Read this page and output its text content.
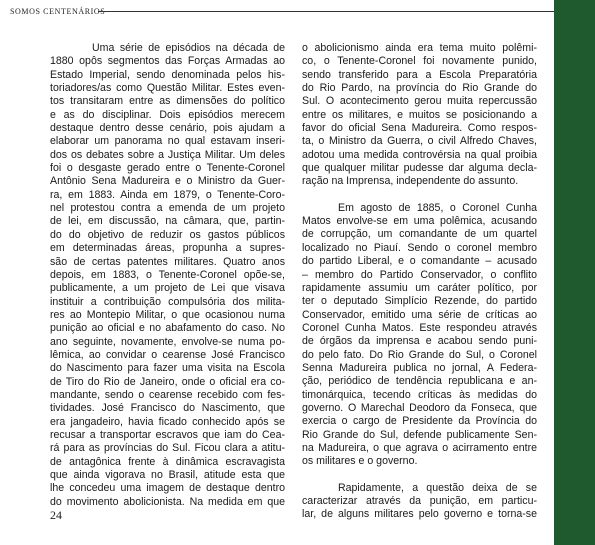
SOMOS CENTENÁRIOS
Uma série de episódios na década de
1880 opôs segmentos das Forças Armadas ao
Estado Imperial, sendo denominada pelos his-
toriadores/as como Questão Militar. Estes even-
tos transitaram entre as dimensões do político
e as do disciplinar. Dois episódios merecem
destaque dentro desse cenário, pois ajudam a
elaborar um panorama no qual estavam inseri-
dos os debates sobre a Justiça Militar. Um deles
foi o desgaste gerado entre o Tenente-Coronel
Antônio Sena Madureira e o Ministro da Guer-
ra, em 1883. Ainda em 1879, o Tenente-Coro-
nel protestou contra a emenda de um projeto
de lei, em discussão, na câmara, que, partin-
do do objetivo de reduzir os gastos públicos
em determinadas áreas, propunha a supres-
são de certas patentes militares. Quatro anos
depois, em 1883, o Tenente-Coronel opõe-se,
publicamente, a um projeto de Lei que visava
instituir a contribuição compulsória dos milita-
res ao Montepio Militar, o que ocasionou numa
punição ao oficial e no abafamento do caso. No
ano seguinte, novamente, envolve-se numa po-
lêmica, ao convidar o cearense José Francisco
do Nascimento para fazer uma visita na Escola
de Tiro do Rio de Janeiro, onde o oficial era co-
mandante, sendo o cearense recebido com fes-
tividades. José Francisco do Nascimento, que
era jangadeiro, havia ficado conhecido após se
recusar a transportar escravos que iam do Cea-
rá para as províncias do Sul. Ficou clara a atitu-
de antagônica frente à dinâmica escravagista
que ainda vigorava no Brasil, atitude esta que
lhe concedeu uma imagem de destaque dentro
do movimento abolicionista. Na medida em que
o abolicionismo ainda era tema muito polêmi-
co, o Tenente-Coronel foi novamente punido,
sendo transferido para a Escola Preparatória
do Rio Pardo, na província do Rio Grande do
Sul. O acontecimento gerou muita repercussão
entre os militares, e muitos se posicionando a
favor do oficial Sena Madureira. Como respos-
ta, o Ministro da Guerra, o civil Alfredo Chaves,
adotou uma medida controvérsia na qual proibia
que qualquer militar pudesse dar alguma decla-
ração na Imprensa, independente do assunto.
Em agosto de 1885, o Coronel Cunha
Matos envolve-se em uma polêmica, acusando
de corrupção, um comandante de um quartel
localizado no Piauí. Sendo o coronel membro
do partido Liberal, e o comandante – acusado
– membro do Partido Conservador, o conflito
rapidamente assumiu um caráter político, por
ter o deputado Simplício Rezende, do partido
Conservador, emitido uma série de críticas ao
Coronel Cunha Matos. Este respondeu através
de órgãos da imprensa e acabou sendo puni-
do pelo fato. Do Rio Grande do Sul, o Coronel
Senna Madureira publica no jornal, A Federa-
ção, periódico de tendência republicana e an-
timonárquica, tecendo críticas às medidas do
governo. O Marechal Deodoro da Fonseca, que
exercia o cargo de Presidente da Província do
Rio Grande do Sul, defende publicamente Sen-
na Madureira, o que agrava o acirramento entre
os militares e o governo.
Rapidamente, a questão deixa de se
caracterizar através da punição, em particu-
lar, de alguns militares pelo governo e torna-se
24
